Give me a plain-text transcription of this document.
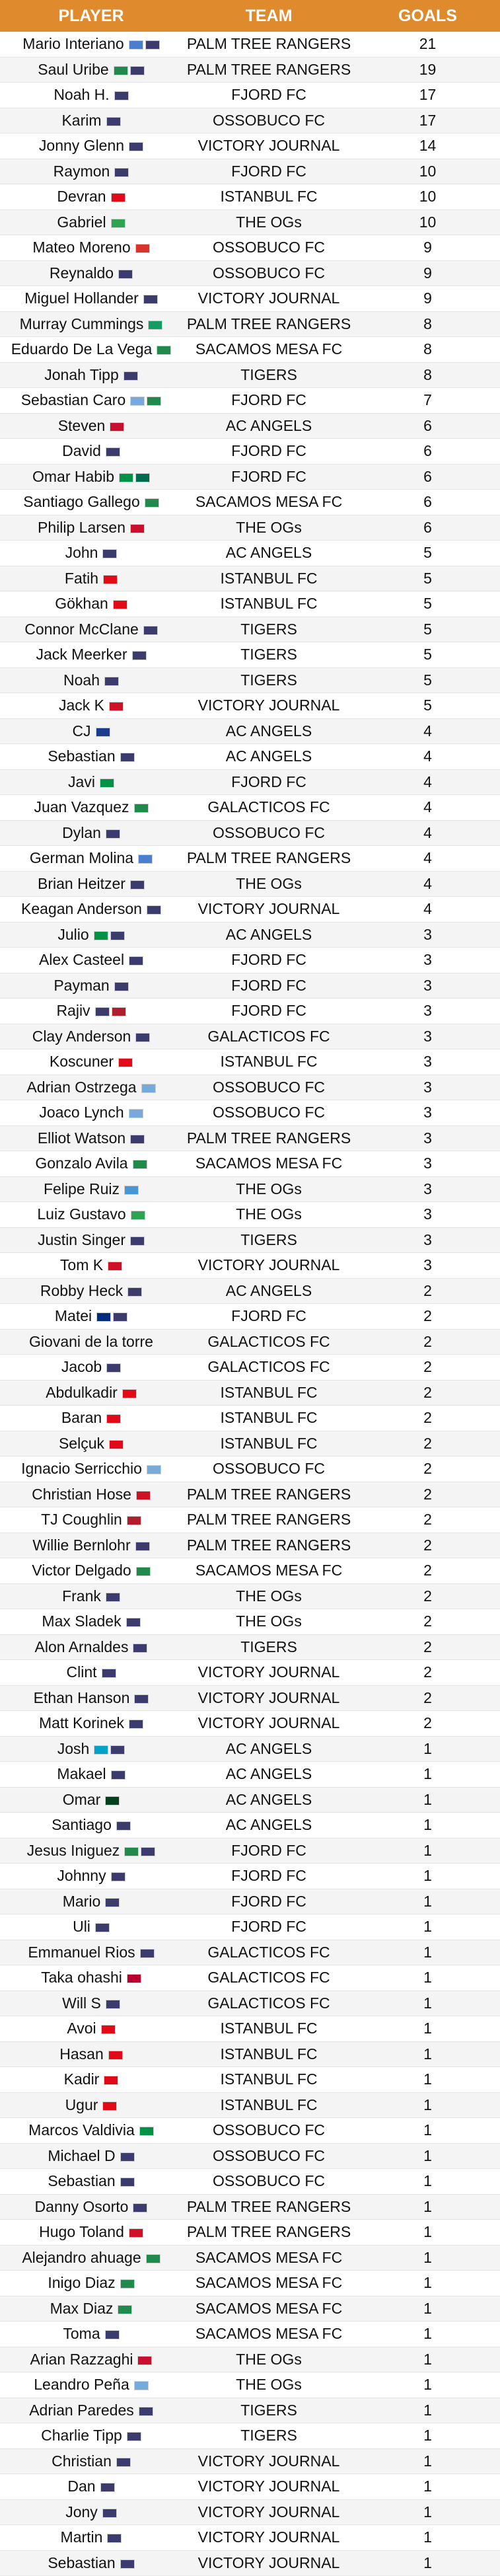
PLAYER	TEAM	GOALS
Mario Interiano	PALM TREE RANGERS	21
Saul Uribe	PALM TREE RANGERS	19
Noah H.	FJORD FC	17
Karim	OSSOBUCO FC	17
Jonny Glenn	VICTORY JOURNAL	14
Raymon	FJORD FC	10
Devran	ISTANBUL FC	10
Gabriel	THE OGs	10
Mateo Moreno	OSSOBUCO FC	9
Reynaldo	OSSOBUCO FC	9
Miguel Hollander	VICTORY JOURNAL	9
Murray Cummings	PALM TREE RANGERS	8
Eduardo De La Vega	SACAMOS MESA FC	8
Jonah Tipp	TIGERS	8
Sebastian Caro	FJORD FC	7
Steven	AC ANGELS	6
David	FJORD FC	6
Omar Habib	FJORD FC	6
Santiago Gallego	SACAMOS MESA FC	6
Philip Larsen	THE OGs	6
John	AC ANGELS	5
Fatih	ISTANBUL FC	5
Gökhan	ISTANBUL FC	5
Connor McClane	TIGERS	5
Jack Meerker	TIGERS	5
Noah	TIGERS	5
Jack K	VICTORY JOURNAL	5
CJ	AC ANGELS	4
Sebastian	AC ANGELS	4
Javi	FJORD FC	4
Juan Vazquez	GALACTICOS FC	4
Dylan	OSSOBUCO FC	4
German Molina	PALM TREE RANGERS	4
Brian Heitzer	THE OGs	4
Keagan Anderson	VICTORY JOURNAL	4
Julio	AC ANGELS	3
Alex Casteel	FJORD FC	3
Payman	FJORD FC	3
Rajiv	FJORD FC	3
Clay Anderson	GALACTICOS FC	3
Koscuner	ISTANBUL FC	3
Adrian Ostrzega	OSSOBUCO FC	3
Joaco Lynch	OSSOBUCO FC	3
Elliot Watson	PALM TREE RANGERS	3
Gonzalo Avila	SACAMOS MESA FC	3
Felipe Ruiz	THE OGs	3
Luiz Gustavo	THE OGs	3
Justin Singer	TIGERS	3
Tom K	VICTORY JOURNAL	3
Robby Heck	AC ANGELS	2
Matei	FJORD FC	2
Giovani de la torre	GALACTICOS FC	2
Jacob	GALACTICOS FC	2
Abdulkadir	ISTANBUL FC	2
Baran	ISTANBUL FC	2
Selçuk	ISTANBUL FC	2
Ignacio Serricchio	OSSOBUCO FC	2
Christian Hose	PALM TREE RANGERS	2
TJ Coughlin	PALM TREE RANGERS	2
Willie Bernlohr	PALM TREE RANGERS	2
Victor Delgado	SACAMOS MESA FC	2
Frank	THE OGs	2
Max Sladek	THE OGs	2
Alon Arnaldes	TIGERS	2
Clint	VICTORY JOURNAL	2
Ethan Hanson	VICTORY JOURNAL	2
Matt Korinek	VICTORY JOURNAL	2
Josh	AC ANGELS	1
Makael	AC ANGELS	1
Omar	AC ANGELS	1
Santiago	AC ANGELS	1
Jesus Iniguez	FJORD FC	1
Johnny	FJORD FC	1
Mario	FJORD FC	1
Uli	FJORD FC	1
Emmanuel Rios	GALACTICOS FC	1
Taka ohashi	GALACTICOS FC	1
Will S	GALACTICOS FC	1
Avoi	ISTANBUL FC	1
Hasan	ISTANBUL FC	1
Kadir	ISTANBUL FC	1
Ugur	ISTANBUL FC	1
Marcos Valdivia	OSSOBUCO FC	1
Michael D	OSSOBUCO FC	1
Sebastian	OSSOBUCO FC	1
Danny Osorto	PALM TREE RANGERS	1
Hugo Toland	PALM TREE RANGERS	1
Alejandro ahuage	SACAMOS MESA FC	1
Inigo Diaz	SACAMOS MESA FC	1
Max Diaz	SACAMOS MESA FC	1
Toma	SACAMOS MESA FC	1
Arian Razzaghi	THE OGs	1
Leandro Peña	THE OGs	1
Adrian Paredes	TIGERS	1
Charlie Tipp	TIGERS	1
Christian	VICTORY JOURNAL	1
Dan	VICTORY JOURNAL	1
Jony	VICTORY JOURNAL	1
Martin	VICTORY JOURNAL	1
Sebastian	VICTORY JOURNAL	1
